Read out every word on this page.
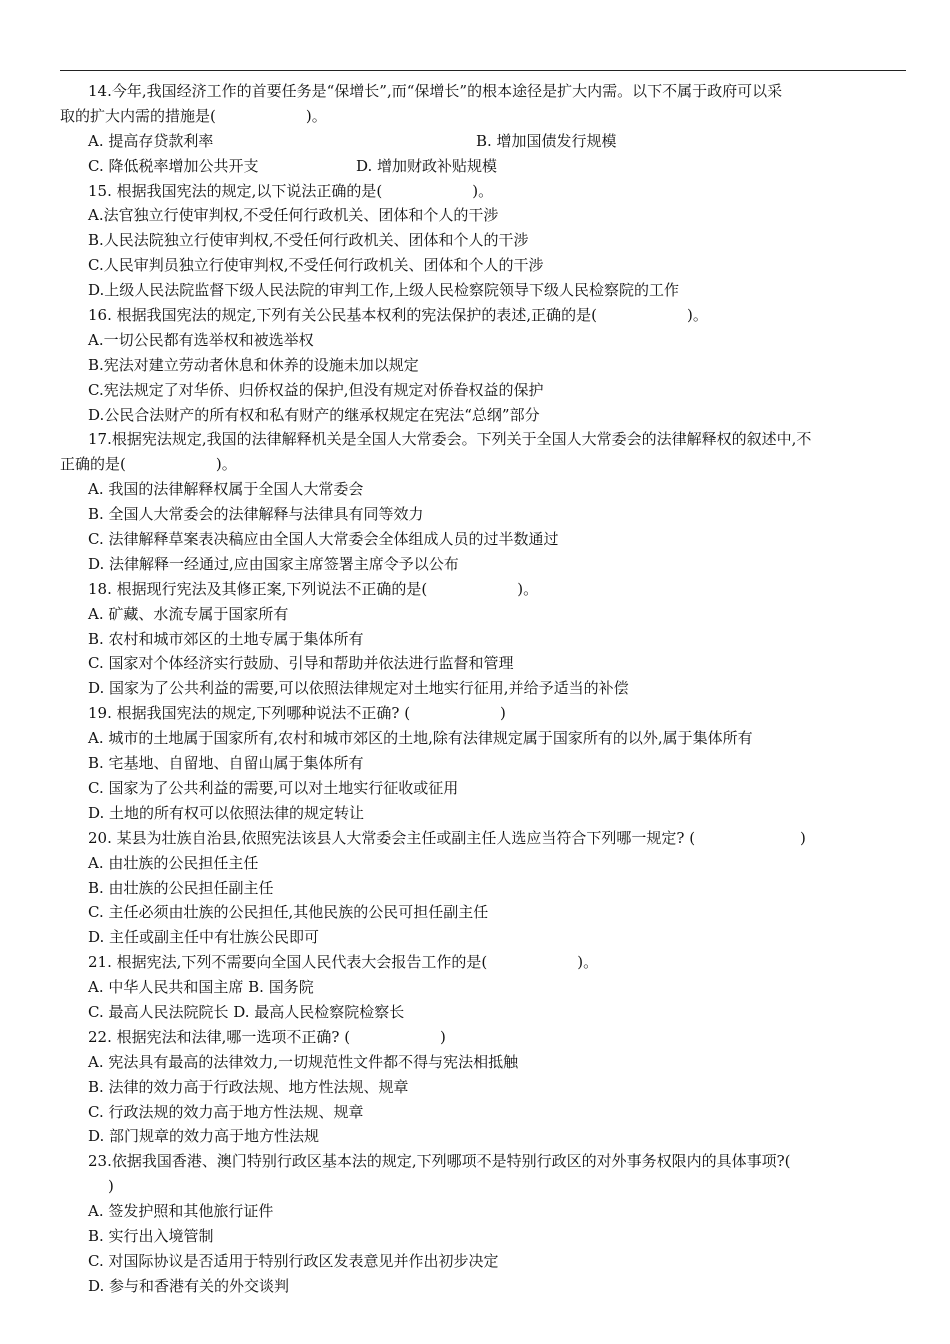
14.今年,我国经济工作的首要任务是“保增长”,而“保增长”的根本途径是扩大内需。以下不属于政府可以采
取的扩大内需的措施是(　　　　　　)。
A. 提高存贷款利率	B. 增加国债发行规模
C. 降低税率增加公共开支	D. 增加财政补贴规模
15. 根据我国宪法的规定,以下说法正确的是(　　　　　　)。
A.法官独立行使审判权,不受任何行政机关、团体和个人的干涉
B.人民法院独立行使审判权,不受任何行政机关、团体和个人的干涉
C.人民审判员独立行使审判权,不受任何行政机关、团体和个人的干涉
D.上级人民法院监督下级人民法院的审判工作,上级人民检察院领导下级人民检察院的工作
16. 根据我国宪法的规定,下列有关公民基本权利的宪法保护的表述,正确的是(　　　　　　)。
A.一切公民都有选举权和被选举权
B.宪法对建立劳动者休息和休养的设施未加以规定
C.宪法规定了对华侨、归侨权益的保护,但没有规定对侨眷权益的保护
D.公民合法财产的所有权和私有财产的继承权规定在宪法“总纲”部分
17.根据宪法规定,我国的法律解释机关是全国人大常委会。下列关于全国人大常委会的法律解释权的叙述中,不
正确的是(　　　　　　)。
A. 我国的法律解释权属于全国人大常委会
B. 全国人大常委会的法律解释与法律具有同等效力
C. 法律解释草案表决稿应由全国人大常委会全体组成人员的过半数通过
D. 法律解释一经通过,应由国家主席签署主席令予以公布
18. 根据现行宪法及其修正案,下列说法不正确的是(　　　　　　)。
A. 矿藏、水流专属于国家所有
B. 农村和城市郊区的土地专属于集体所有
C. 国家对个体经济实行鼓励、引导和帮助并依法进行监督和管理
D. 国家为了公共利益的需要,可以依照法律规定对土地实行征用,并给予适当的补偿
19. 根据我国宪法的规定,下列哪种说法不正确? (　　　　　　)
A. 城市的土地属于国家所有,农村和城市郊区的土地,除有法律规定属于国家所有的以外,属于集体所有
B. 宅基地、自留地、自留山属于集体所有
C. 国家为了公共利益的需要,可以对土地实行征收或征用
D. 土地的所有权可以依照法律的规定转让
20. 某县为壮族自治县,依照宪法该县人大常委会主任或副主任人选应当符合下列哪一规定? (　　　　　　　)
A. 由壮族的公民担任主任
B. 由壮族的公民担任副主任
C. 主任必须由壮族的公民担任,其他民族的公民可担任副主任
D. 主任或副主任中有壮族公民即可
21. 根据宪法,下列不需要向全国人民代表大会报告工作的是(　　　　　　)。
A. 中华人民共和国主席 B. 国务院
C. 最高人民法院院长 D. 最高人民检察院检察长
22. 根据宪法和法律,哪一选项不正确? (　　　　　　)
A. 宪法具有最高的法律效力,一切规范性文件都不得与宪法相抵触
B. 法律的效力高于行政法规、地方性法规、规章
C. 行政法规的效力高于地方性法规、规章
D. 部门规章的效力高于地方性法规
23.依据我国香港、澳门特别行政区基本法的规定,下列哪项不是特别行政区的对外事务权限内的具体事项?(
)
A. 签发护照和其他旅行证件
B. 实行出入境管制
C. 对国际协议是否适用于特别行政区发表意见并作出初步决定
D. 参与和香港有关的外交谈判
